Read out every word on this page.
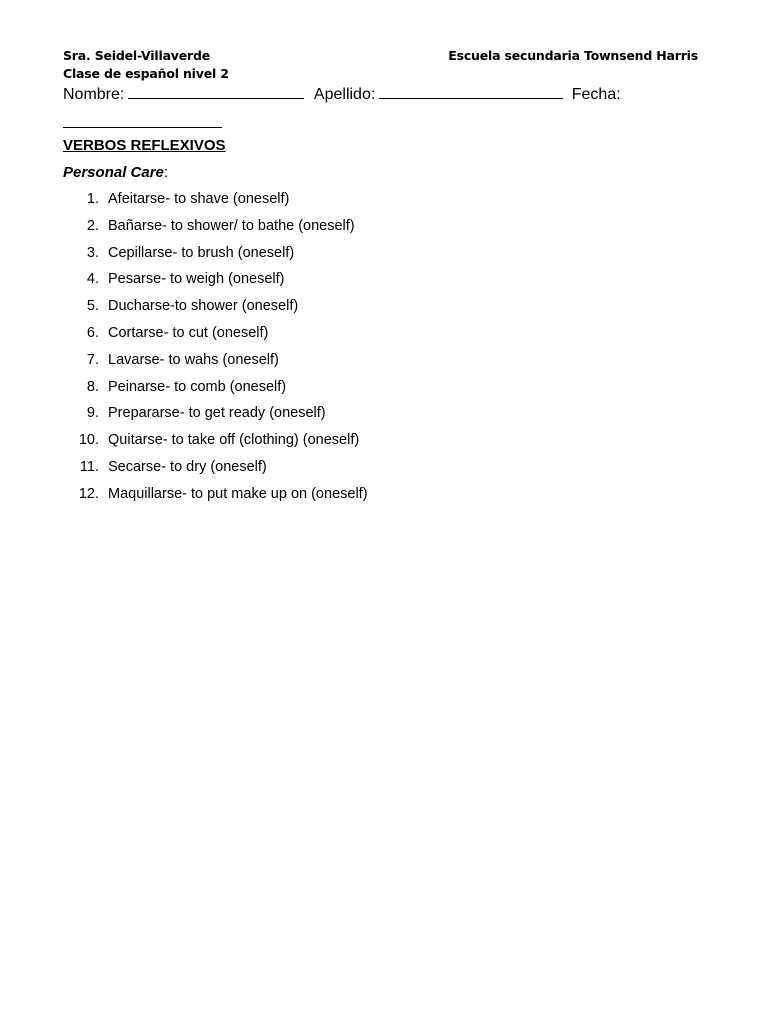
Sra. Seidel-Villaverde	Escuela secundaria Townsend Harris
Clase de español nivel 2
Nombre:	Apellido:	Fecha:
VERBOS REFLEXIVOS
Personal Care:
1. Afeitarse- to shave (oneself)
2. Bañarse- to shower/ to bathe (oneself)
3. Cepillarse- to brush (oneself)
4. Pesarse- to weigh (oneself)
5. Ducharse-to shower (oneself)
6. Cortarse- to cut (oneself)
7. Lavarse- to wahs (oneself)
8. Peinarse- to comb (oneself)
9. Prepararse- to get ready (oneself)
10. Quitarse- to take off (clothing) (oneself)
11. Secarse- to dry (oneself)
12. Maquillarse- to put make up on (oneself)
